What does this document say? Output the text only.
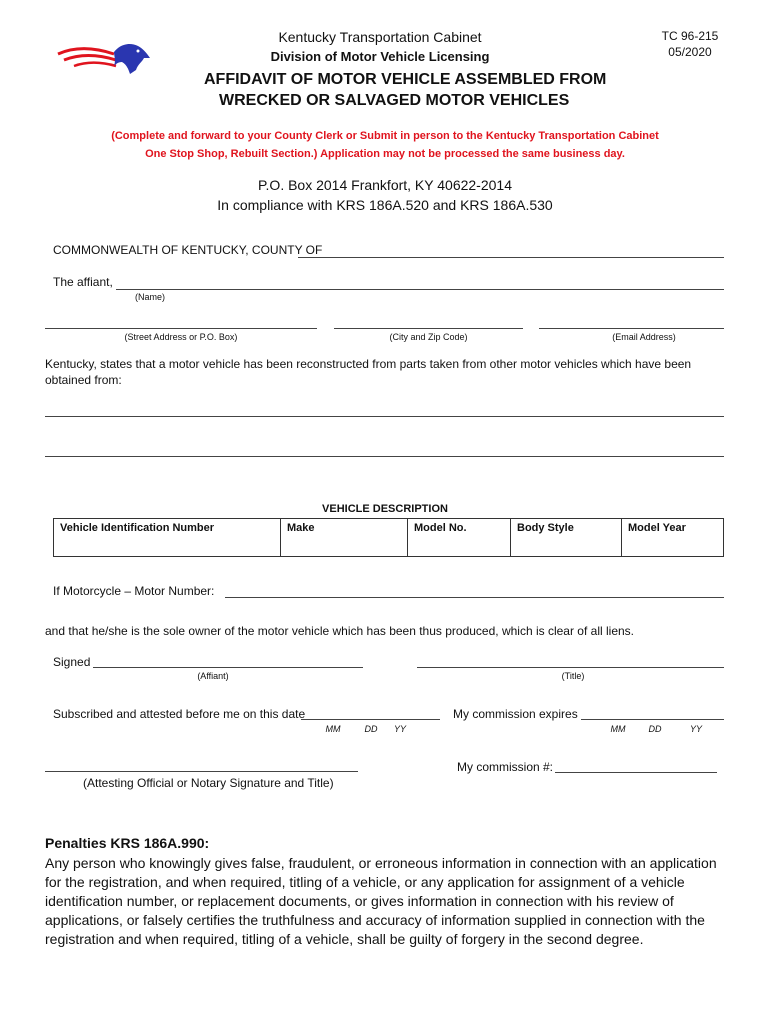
Kentucky Transportation Cabinet
Division of Motor Vehicle Licensing
TC 96-215
05/2020
AFFIDAVIT OF MOTOR VEHICLE ASSEMBLED FROM
WRECKED OR SALVAGED MOTOR VEHICLES
(Complete and forward to your County Clerk or Submit in person to the Kentucky Transportation Cabinet
One Stop Shop, Rebuilt Section.) Application may not be processed the same business day.
P.O. Box 2014 Frankfort, KY 40622-2014
In compliance with KRS 186A.520 and KRS 186A.530
COMMONWEALTH OF KENTUCKY, COUNTY OF
The affiant,
(Name)
(Street Address or P.O. Box)	(City and Zip Code)	(Email Address)
Kentucky, states that a motor vehicle has been reconstructed from parts taken from other motor vehicles which have been obtained from:
VEHICLE DESCRIPTION
Vehicle Identification Number	Make	Model No.	Body Style	Model Year
If Motorcycle – Motor Number:
and that he/she is the sole owner of the motor vehicle which has been thus produced, which is clear of all liens.
Signed
(Affiant)	(Title)
Subscribed and attested before me on this date
MM	DD	YY
My commission expires
MM	DD	YY
(Attesting Official or Notary Signature and Title)
My commission #:
Penalties KRS 186A.990:
Any person who knowingly gives false, fraudulent, or erroneous information in connection with an application for the registration, and when required, titling of a vehicle, or any application for assignment of a vehicle identification number, or replacement documents, or gives information in connection with his review of applications, or falsely certifies the truthfulness and accuracy of information supplied in connection with the registration and when required, titling of a vehicle, shall be guilty of forgery in the second degree.
